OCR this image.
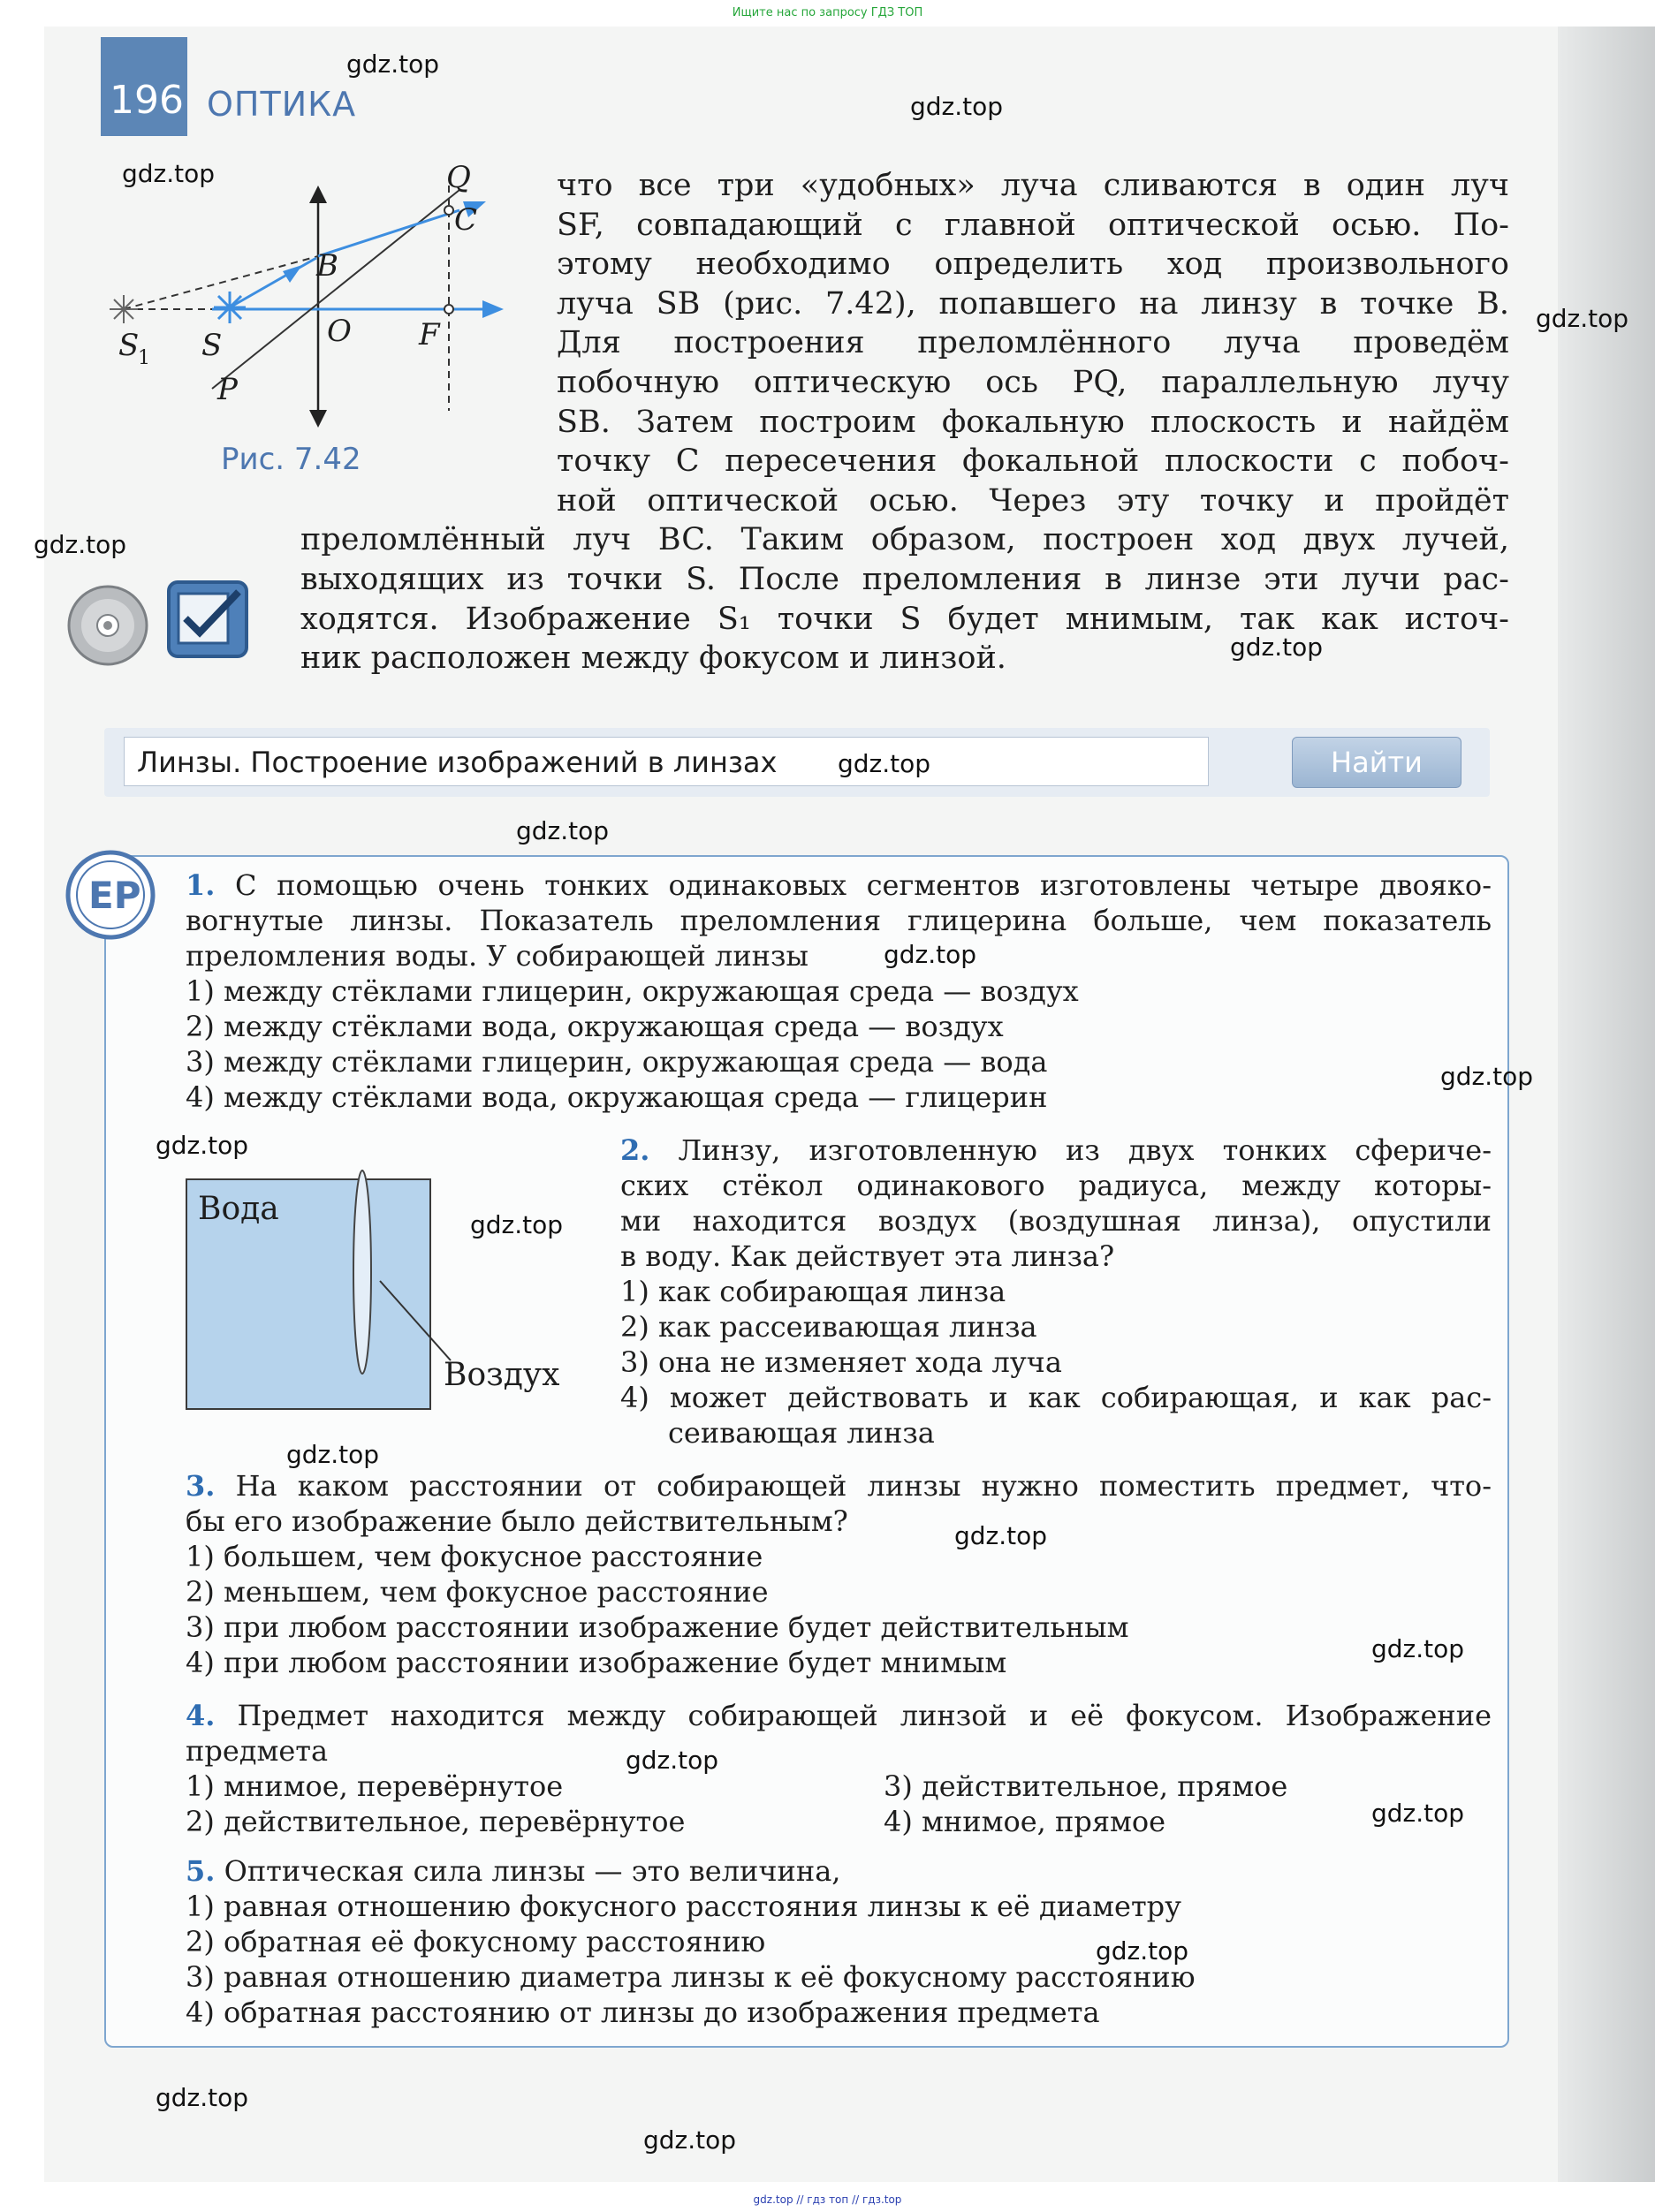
Ищите нас по запросу ГДЗ ТОП
196 ОПТИКА
Q
C
B
O F
S
S
1
P
Рис. 7.42
что все три «удобных» луча сливаются в один луч
SF, совпадающий с главной оптической осью. По-
этому необходимо определить ход произвольного
луча SB (рис. 7.42), попавшего на линзу в точке B.
Для построения преломлённого луча проведём
побочную оптическую ось PQ, параллельную лучу
SB. Затем построим фокальную плоскость и найдём
точку C пересечения фокальной плоскости с побоч-
ной оптической осью. Через эту точку и пройдёт
преломлённый луч BC. Таким образом, построен ход двух лучей,
выходящих из точки S. После преломления в линзе эти лучи рас-
ходятся. Изображение S₁ точки S будет мнимым, так как источ-
ник расположен между фокусом и линзой.
Линзы. Построение изображений в линзах	Найти
ЕР 1. С помощью очень тонких одинаковых сегментов изготовлены четыре двояко-
вогнутые линзы. Показатель преломления глицерина больше, чем показатель
преломления воды. У собирающей линзы
1) между стёклами глицерин, окружающая среда — воздух
2) между стёклами вода, окружающая среда — воздух
3) между стёклами глицерин, окружающая среда — вода
4) между стёклами вода, окружающая среда — глицерин
Вода
Воздух
2. Линзу, изготовленную из двух тонких сфериче-
ских стёкол одинакового радиуса, между которы-
ми находится воздух (воздушная линза), опустили
в воду. Как действует эта линза?
1) как собирающая линза
2) как рассеивающая линза
3) она не изменяет хода луча
4) может действовать и как собирающая, и как рас-
сеивающая линза
3. На каком расстоянии от собирающей линзы нужно поместить предмет, что-
бы его изображение было действительным?
1) большем, чем фокусное расстояние
2) меньшем, чем фокусное расстояние
3) при любом расстоянии изображение будет действительным
4) при любом расстоянии изображение будет мнимым
4. Предмет находится между собирающей линзой и её фокусом. Изображение
предмета
1) мнимое, перевёрнутое	3) действительное, прямое
2) действительное, перевёрнутое	4) мнимое, прямое
5. Оптическая сила линзы — это величина,
1) равная отношению фокусного расстояния линзы к её диаметру
2) обратная её фокусному расстоянию
3) равная отношению диаметра линзы к её фокусному расстоянию
4) обратная расстоянию от линзы до изображения предмета
gdz.top
gdz.top
gdz.top
gdz.top
gdz.top
gdz.top
gdz.top
gdz.top
gdz.top
gdz.top
gdz.top
gdz.top
gdz.top
gdz.top
gdz.top
gdz.top
gdz.top
gdz.top
gdz.top
gdz.top
gdz.top // гдз топ // гдз.top
